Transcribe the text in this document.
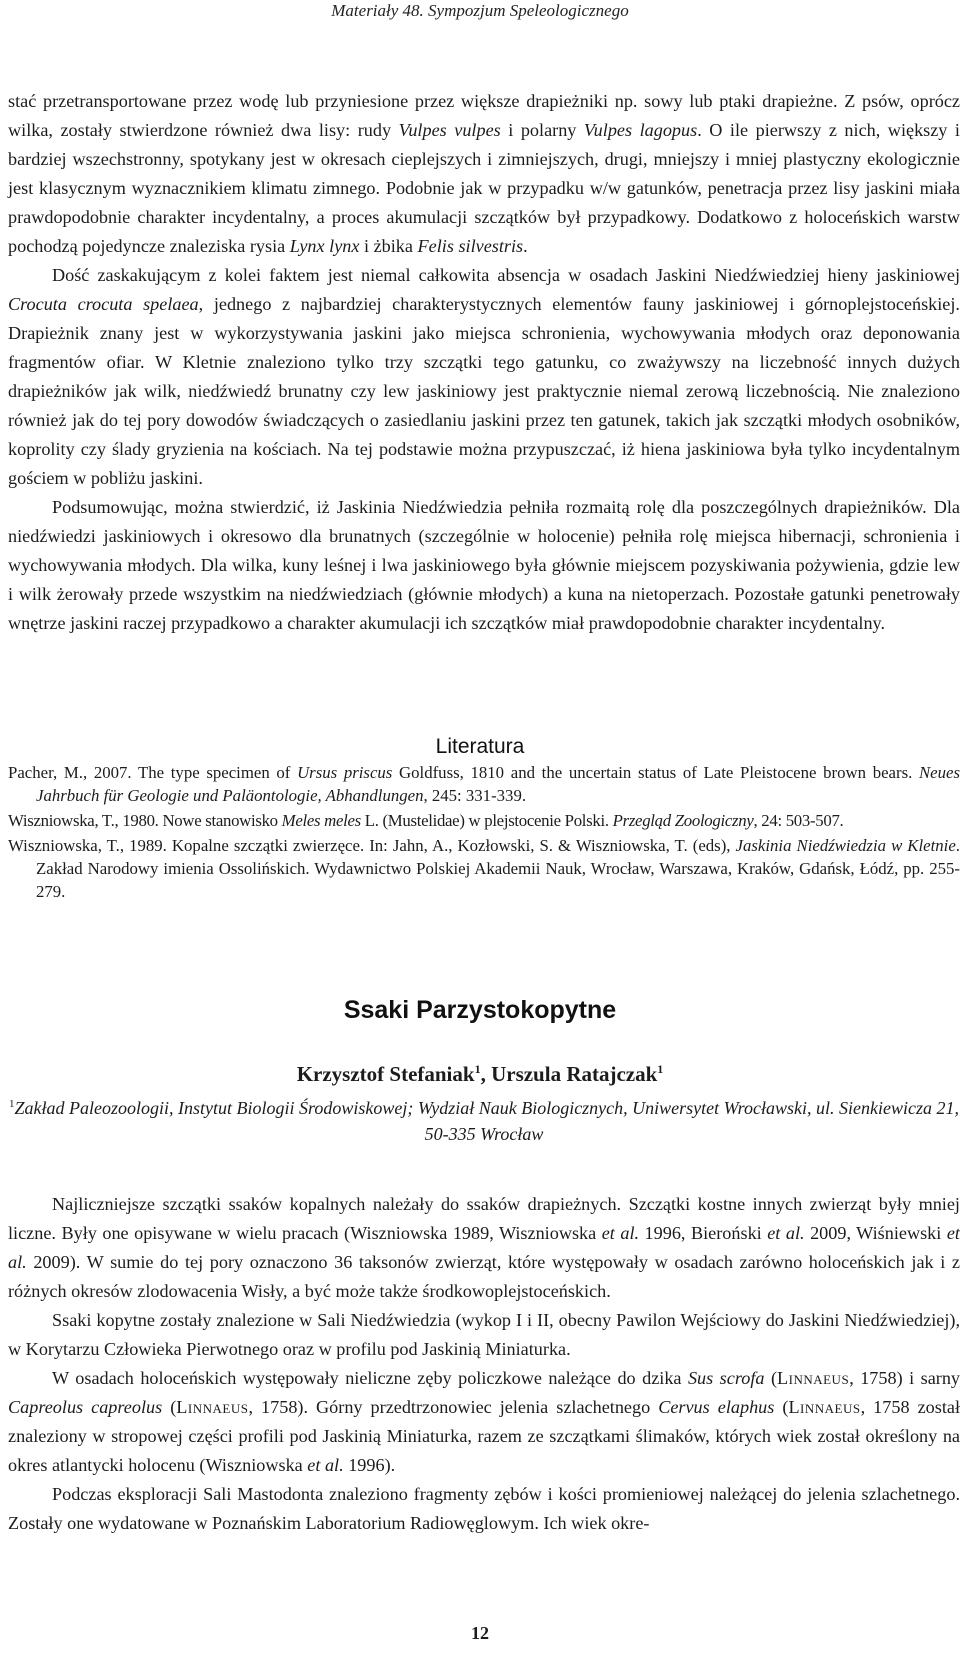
Materiały 48. Sympozjum Speleologicznego

stać przetransportowane przez wodę lub przyniesione przez większe drapieżniki np. sowy lub ptaki drapieżne. Z psów, oprócz wilka, zostały stwierdzone również dwa lisy: rudy Vulpes vulpes i polarny Vulpes lagopus. O ile pierwszy z nich, większy i bardziej wszechstronny, spotykany jest w okresach cieplejszych i zimniejszych, drugi, mniejszy i mniej plastyczny ekologicznie jest klasycznym wyznacznikiem klimatu zimnego. Podobnie jak w przypadku w/w gatunków, penetracja przez lisy jaskini miała prawdopodobnie charakter incydentalny, a proces akumulacji szczątków był przypadkowy. Dodatkowo z holoceńskich warstw pochodzą pojedyncze znaleziska rysia Lynx lynx i żbika Felis silvestris.

Dość zaskakującym z kolei faktem jest niemal całkowita absencja w osadach Jaskini Niedźwiedziej hieny jaskiniowej Crocuta crocuta spelaea, jednego z najbardziej charakterystycznych elementów fauny jaskiniowej i górnoplejstoceńskiej. Drapieżnik znany jest w wykorzystywania jaskini jako miejsca schronienia, wychowywania młodych oraz deponowania fragmentów ofiar. W Kletnie znaleziono tylko trzy szczątki tego gatunku, co zważywszy na liczebność innych dużych drapieżników jak wilk, niedźwiedź brunatny czy lew jaskiniowy jest praktycznie niemal zerową liczebnością. Nie znaleziono również jak do tej pory dowodów świadczących o zasiedlaniu jaskini przez ten gatunek, takich jak szczątki młodych osobników, koprolity czy ślady gryzienia na kościach. Na tej podstawie można przypuszczać, iż hiena jaskiniowa była tylko incydentalnym gościem w pobliżu jaskini.

Podsumowując, można stwierdzić, iż Jaskinia Niedźwiedzia pełniła rozmaitą rolę dla poszczególnych drapieżników. Dla niedźwiedzi jaskiniowych i okresowo dla brunatnych (szczególnie w holocenie) pełniła rolę miejsca hibernacji, schronienia i wychowywania młodych. Dla wilka, kuny leśnej i lwa jaskiniowego była głównie miejscem pozyskiwania pożywienia, gdzie lew i wilk żerowały przede wszystkim na niedźwiedziach (głównie młodych) a kuna na nietoperzach. Pozostałe gatunki penetrowały wnętrze jaskini raczej przypadkowo a charakter akumulacji ich szczątków miał prawdopodobnie charakter incydentalny.

Literatura

Pacher, M., 2007. The type specimen of Ursus priscus Goldfuss, 1810 and the uncertain status of Late Pleistocene brown bears. Neues Jahrbuch für Geologie und Paläontologie, Abhandlungen, 245: 331-339.

Wiszniowska, T., 1980. Nowe stanowisko Meles meles L. (Mustelidae) w plejstocenie Polski. Przegląd Zoologiczny, 24: 503-507.

Wiszniowska, T., 1989. Kopalne szczątki zwierzęce. In: Jahn, A., Kozłowski, S. & Wiszniowska, T. (eds), Jaskinia Niedźwiedzia w Kletnie. Zakład Narodowy imienia Ossolińskich. Wydawnictwo Polskiej Akademii Nauk, Wrocław, Warszawa, Kraków, Gdańsk, Łódź, pp. 255-279.

Ssaki Parzystokopytne
Krzysztof Stefaniak$^1$, Urszula Ratajczak$^1$
$^1$Zakład Paleozoologii, Instytut Biologii Środowiskowej; Wydział Nauk Biologicznych, Uniwersytet Wrocławski, ul. Sienkiewicza 21, 50-335 Wrocław

Najliczniejsze szczątki ssaków kopalnych należały do ssaków drapieżnych. Szczątki kostne innych zwierząt były mniej liczne. Były one opisywane w wielu pracach (Wiszniowska 1989, Wiszniowska et al. 1996, Bieroński et al. 2009, Wiśniewski et al. 2009). W sumie do tej pory oznaczono 36 taksonów zwierząt, które występowały w osadach zarówno holoceńskich jak i z różnych okresów zlodowacenia Wisły, a być może także środkowoplejstoceńskich.

Ssaki kopytne zostały znalezione w Sali Niedźwiedzia (wykop I i II, obecny Pawilon Wejściowy do Jaskini Niedźwiedziej), w Korytarzu Człowieka Pierwotnego oraz w profilu pod Jaskinią Miniaturka.

W osadach holoceńskich występowały nieliczne zęby policzkowe należące do dzika Sus scrofa (Linnaeus, 1758) i sarny Capreolus capreolus (Linnaeus, 1758). Górny przedtrzonowiec jelenia szlachetnego Cervus elaphus (Linnaeus, 1758 został znaleziony w stropowej części profili pod Jaskinią Miniaturka, razem ze szczątkami ślimaków, których wiek został określony na okres atlantycki holocenu (Wiszniowska et al. 1996).

Podczas eksploracji Sali Mastodonta znaleziono fragmenty zębów i kości promieniowej należącej do jelenia szlachetnego. Zostały one wydatowane w Poznańskim Laboratorium Radiowęglowym. Ich wiek okre-

12
